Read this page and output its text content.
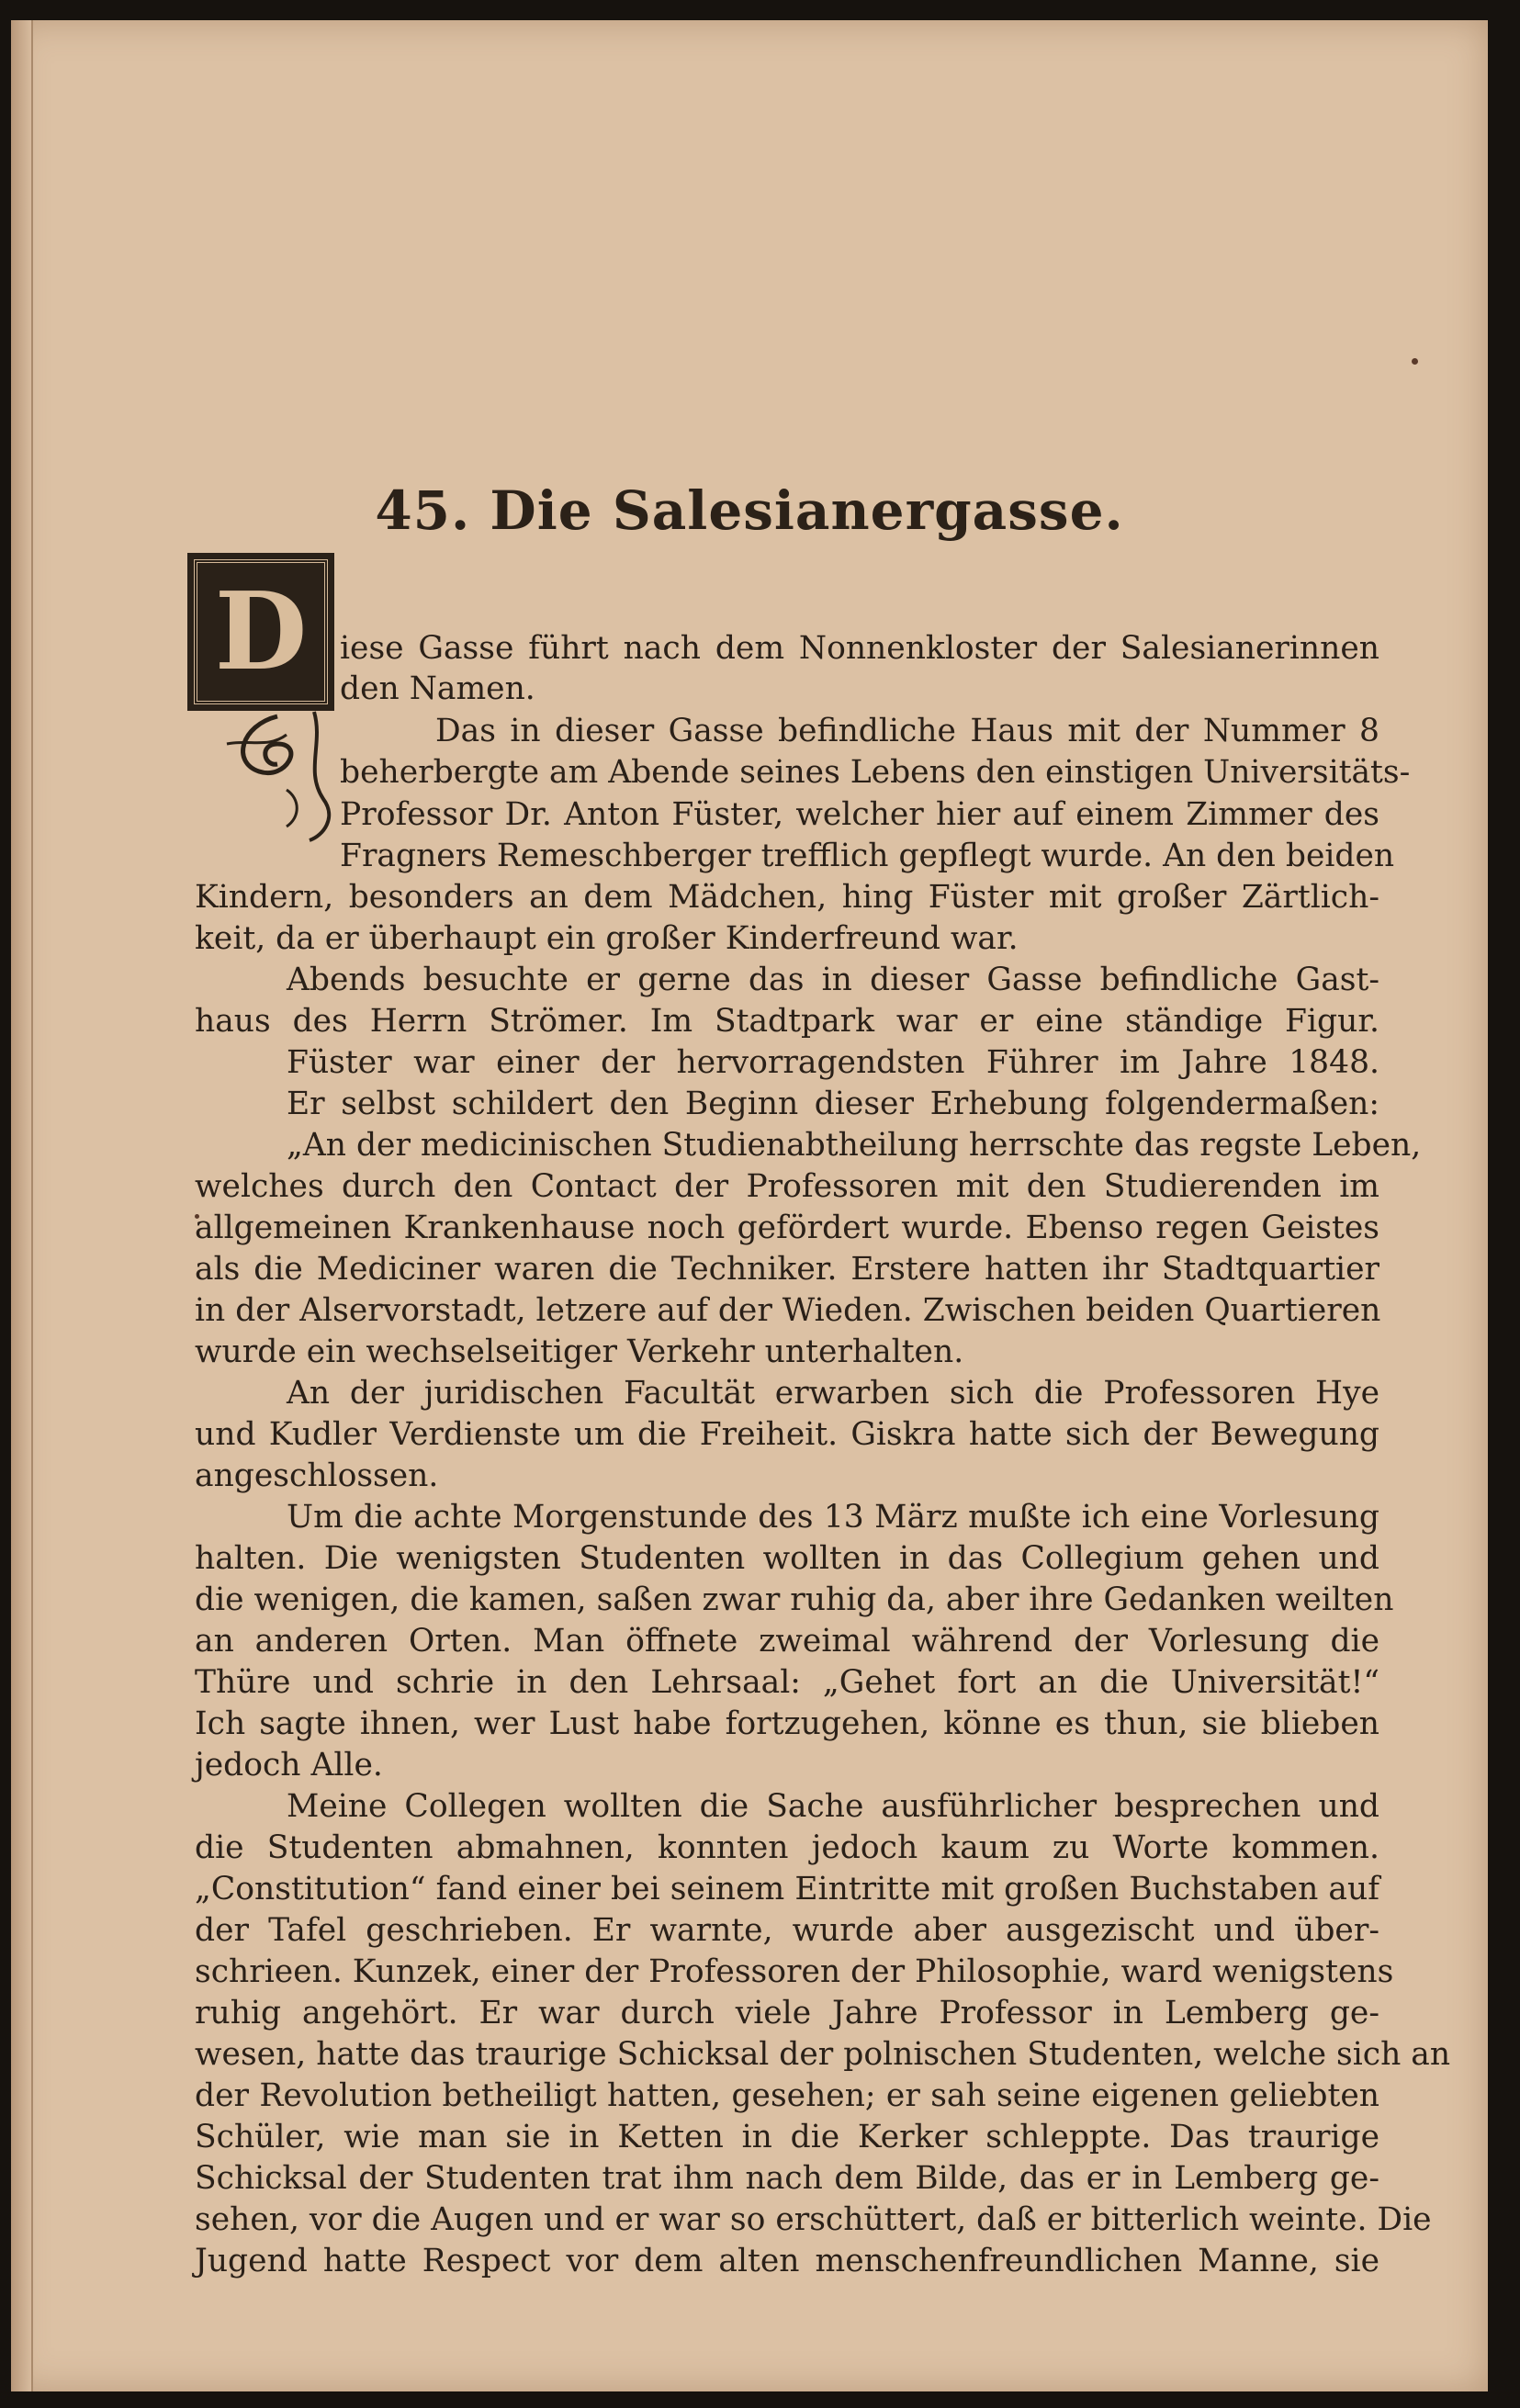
45. Die Salesianergasse.
D iese Gasse führt nach dem Nonnenkloster der Salesianerinnen

den Namen.

Das in dieser Gasse befindliche Haus mit der Nummer 8

beherbergte am Abende seines Lebens den einstigen Universitäts-

Professor Dr. Anton Füster, welcher hier auf einem Zimmer des

Fragners Remeschberger trefflich gepflegt wurde. An den beiden

Kindern, besonders an dem Mädchen, hing Füster mit großer Zärtlich-

keit, da er überhaupt ein großer Kinderfreund war.

Abends besuchte er gerne das in dieser Gasse befindliche Gast-

haus des Herrn Strömer. Im Stadtpark war er eine ständige Figur.

Füster war einer der hervorragendsten Führer im Jahre 1848.

Er selbst schildert den Beginn dieser Erhebung folgendermaßen:

„An der medicinischen Studienabtheilung herrschte das regste Leben,

welches durch den Contact der Professoren mit den Studierenden im

allgemeinen Krankenhause noch gefördert wurde. Ebenso regen Geistes

als die Mediciner waren die Techniker. Erstere hatten ihr Stadtquartier

in der Alservorstadt, letzere auf der Wieden. Zwischen beiden Quartieren

wurde ein wechselseitiger Verkehr unterhalten.

An der juridischen Facultät erwarben sich die Professoren Hye

und Kudler Verdienste um die Freiheit. Giskra hatte sich der Bewegung

angeschlossen.

Um die achte Morgenstunde des 13 März mußte ich eine Vorlesung

halten. Die wenigsten Studenten wollten in das Collegium gehen und

die wenigen, die kamen, saßen zwar ruhig da, aber ihre Gedanken weilten

an anderen Orten. Man öffnete zweimal während der Vorlesung die

Thüre und schrie in den Lehrsaal: „Gehet fort an die Universität!“

Ich sagte ihnen, wer Lust habe fortzugehen, könne es thun, sie blieben

jedoch Alle.

Meine Collegen wollten die Sache ausführlicher besprechen und

die Studenten abmahnen, konnten jedoch kaum zu Worte kommen.

„Constitution“ fand einer bei seinem Eintritte mit großen Buchstaben auf

der Tafel geschrieben. Er warnte, wurde aber ausgezischt und über-

schrieen. Kunzek, einer der Professoren der Philosophie, ward wenigstens

ruhig angehört. Er war durch viele Jahre Professor in Lemberg ge-

wesen, hatte das traurige Schicksal der polnischen Studenten, welche sich an

der Revolution betheiligt hatten, gesehen; er sah seine eigenen geliebten

Schüler, wie man sie in Ketten in die Kerker schleppte. Das traurige

Schicksal der Studenten trat ihm nach dem Bilde, das er in Lemberg ge-

sehen, vor die Augen und er war so erschüttert, daß er bitterlich weinte. Die

Jugend hatte Respect vor dem alten menschenfreundlichen Manne, sie
